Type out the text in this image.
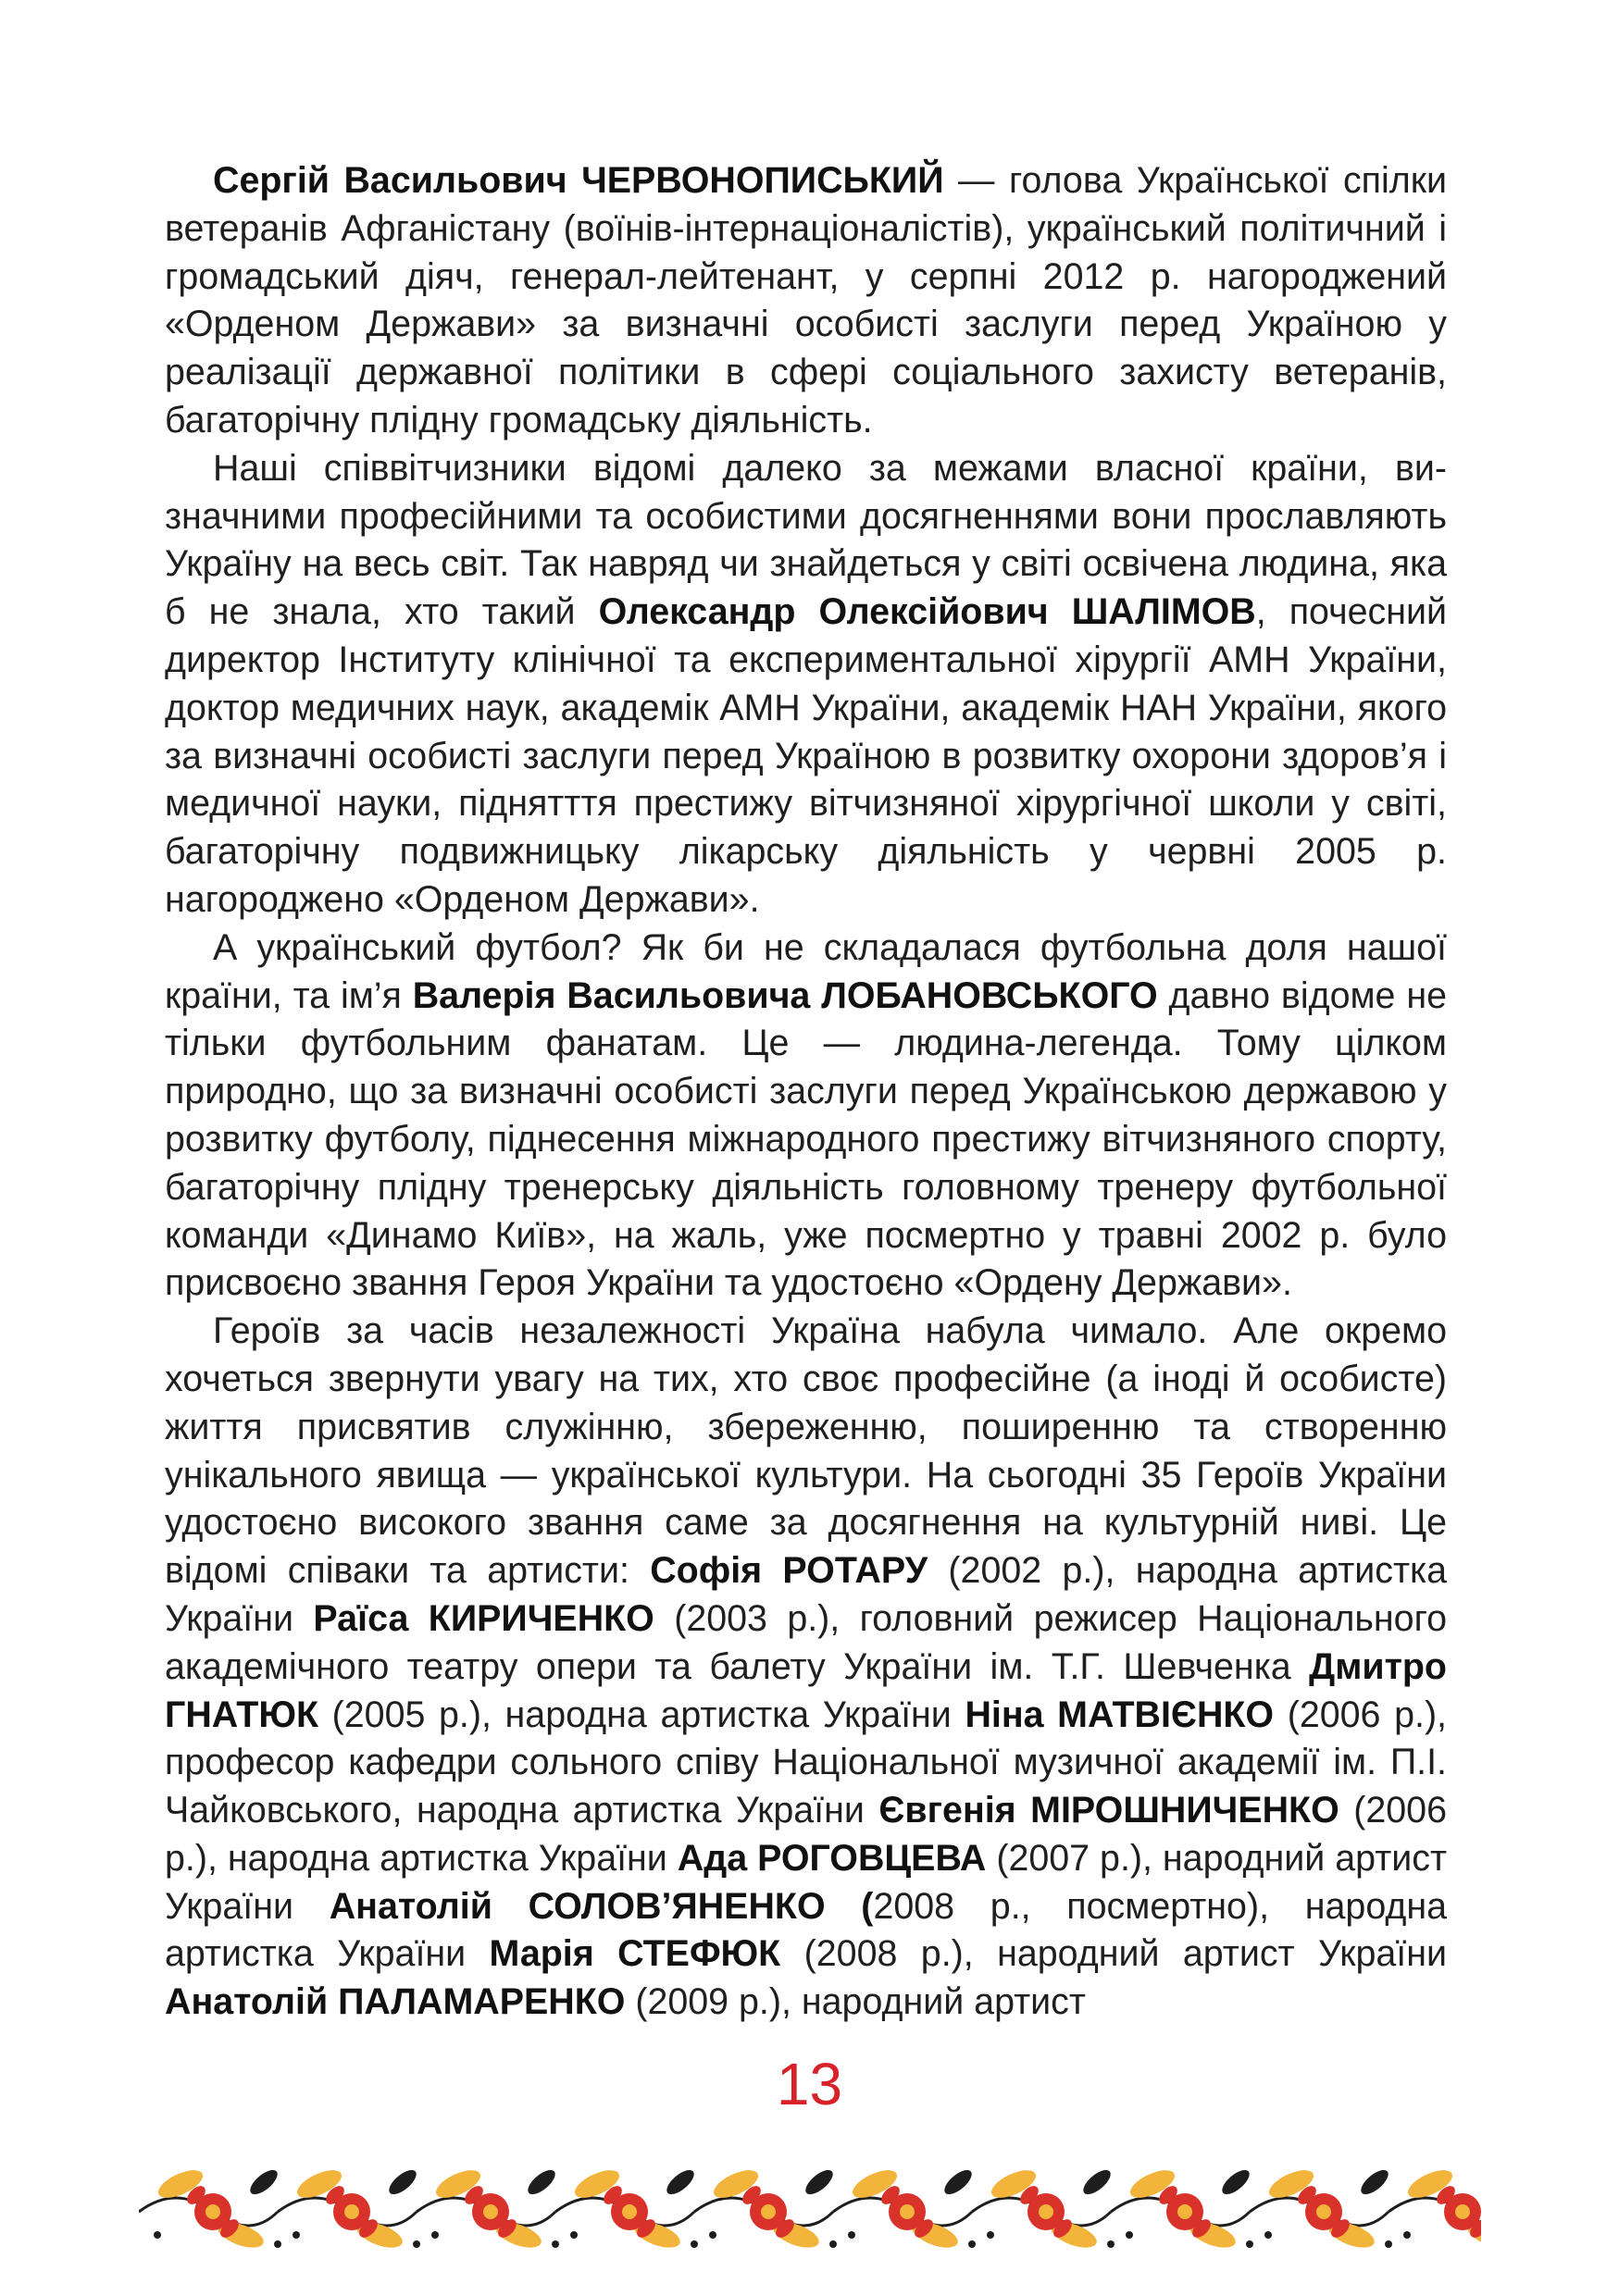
Сергій Васильович ЧЕРВОНОПИСЬКИЙ — голова Української спілки ветеранів Афганістану (воїнів-інтернаціоналістів), український політичний і громадський діяч, генерал-лейтенант, у серпні 2012 р. нагороджений «Орденом Держави» за визначні особисті заслуги перед Україною у реалізації державної політики в сфері соціального захисту ветеранів, багаторічну плідну громадську діяльність.

Наші співвітчизники відомі далеко за межами власної країни, визначними професійними та особистими досягненнями вони прославляють Україну на весь світ. Так навряд чи знайдеться у світі освічена людина, яка б не знала, хто такий Олександр Олексійович ШАЛІМОВ, почесний директор Інституту клінічної та експериментальної хірургії АМН України, доктор медичних наук, академік АМН України, академік НАН України, якого за визначні особисті заслуги перед Україною в розвитку охорони здоров’я і медичної науки, піднятття престижу вітчизняної хірургічної школи у світі, багаторічну подвижницьку лікарську діяльність у червні 2005 р. нагороджено «Орденом Держави».

А український футбол? Як би не складалася футбольна доля нашої країни, та ім’я Валерія Васильовича ЛОБАНОВСЬКОГО давно відоме не тільки футбольним фанатам. Це — людина-легенда. Тому цілком природно, що за визначні особисті заслуги перед Українською державою у розвитку футболу, піднесення міжнародного престижу вітчизняного спорту, багаторічну плідну тренерську діяльність головному тренеру футбольної команди «Динамо Київ», на жаль, уже посмертно у травні 2002 р. було присвоєно звання Героя України та удостоєно «Ордену Держави».

Героїв за часів незалежності Україна набула чимало. Але окремо хочеться звернути увагу на тих, хто своє професійне (а іноді й особисте) життя присвятив служінню, збереженню, поширенню та створенню унікального явища — української культури. На сьогодні 35 Героїв України удостоєно високого звання саме за досягнення на культурній ниві. Це відомі співаки та артисти: Софія РОТАРУ (2002 р.), народна артистка України Раїса КИРИЧЕНКО (2003 р.), головний режисер Національного академічного театру опери та балету України ім. Т.Г. Шевченка Дмитро ГНАТЮК (2005 р.), народна артистка України Ніна МАТВІЄНКО (2006 р.), професор кафедри сольного співу Національної музичної академії ім. П.І. Чайковського, народна артистка України Євгенія МІРОШНИЧЕНКО (2006 р.), народна артистка України Ада РОГОВЦЕВА (2007 р.), народний артист України Анатолій СОЛОВ’ЯНЕНКО (2008 р., посмертно), народна артистка України Марія СТЕФЮК (2008 р.), народний артист України Анатолій ПАЛАМАРЕНКО (2009 р.), народний артист

13
